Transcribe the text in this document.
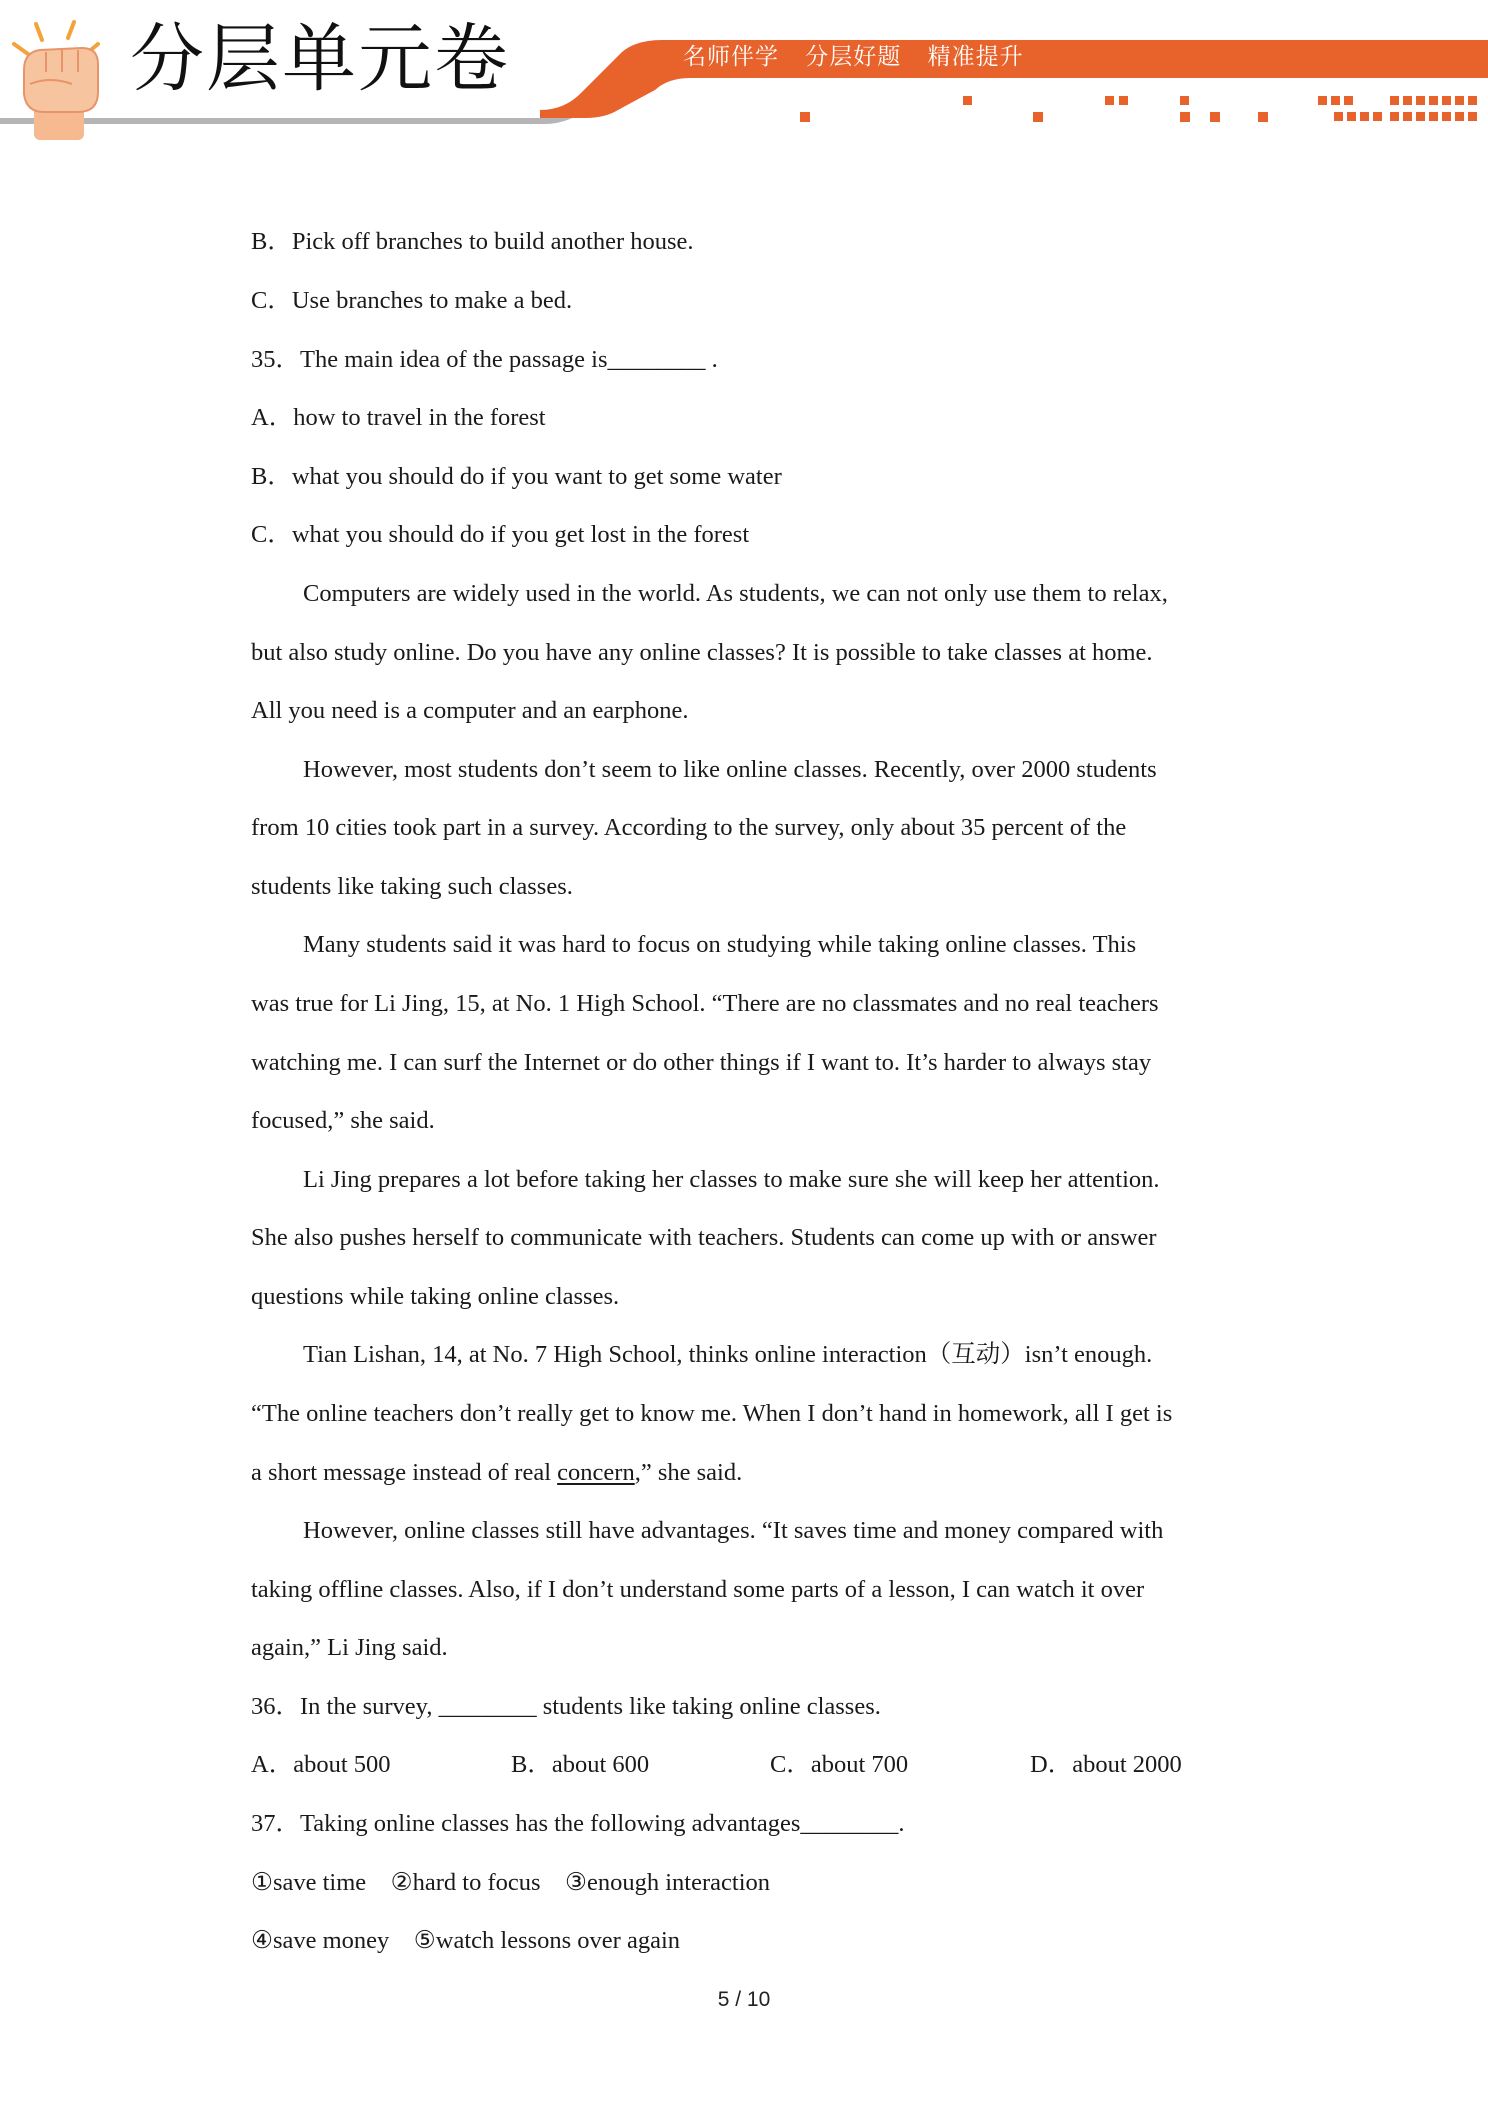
分层单元卷	名师伴学 分层好题 精准提升
B．Pick off branches to build another house.
C．Use branches to make a bed.
35．The main idea of the passage is________ .
A．how to travel in the forest
B．what you should do if you want to get some water
C．what you should do if you get lost in the forest
Computers are widely used in the world. As students, we can not only use them to relax,
but also study online. Do you have any online classes? It is possible to take classes at home.
All you need is a computer and an earphone.
However, most students don’t seem to like online classes. Recently, over 2000 students
from 10 cities took part in a survey. According to the survey, only about 35 percent of the
students like taking such classes.
Many students said it was hard to focus on studying while taking online classes. This
was true for Li Jing, 15, at No. 1 High School. “There are no classmates and no real teachers
watching me. I can surf the Internet or do other things if I want to. It’s harder to always stay
focused,” she said.
Li Jing prepares a lot before taking her classes to make sure she will keep her attention.
She also pushes herself to communicate with teachers. Students can come up with or answer
questions while taking online classes.
Tian Lishan, 14, at No. 7 High School, thinks online interaction（互动）isn’t enough.
“The online teachers don’t really get to know me. When I don’t hand in homework, all I get is
a short message instead of real concern,” she said.
However, online classes still have advantages. “It saves time and money compared with
taking offline classes. Also, if I don’t understand some parts of a lesson, I can watch it over
again,” Li Jing said.
36．In the survey, ________ students like taking online classes.
A．about 500	B．about 600	C．about 700	D．about 2000
37．Taking online classes has the following advantages________.
①save time　②hard to focus　③enough interaction
④save money　⑤watch lessons over again
5 / 10
